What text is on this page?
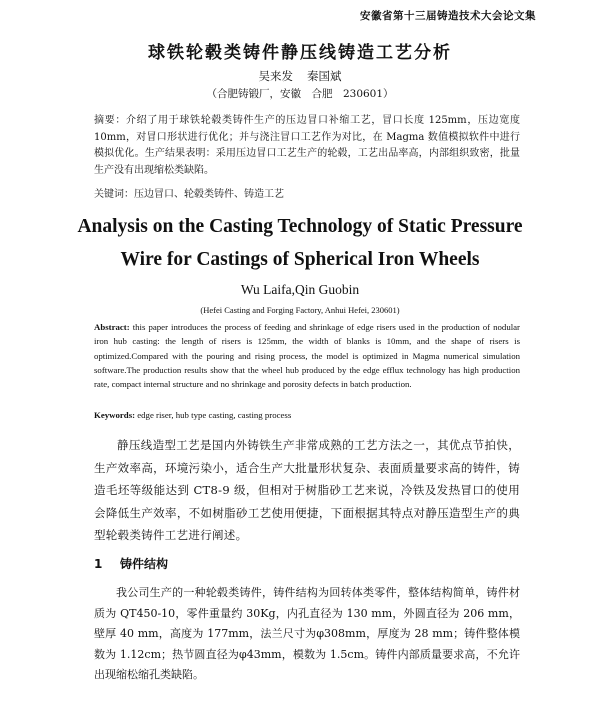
安徽省第十三届铸造技术大会论文集
球铁轮毂类铸件静压线铸造工艺分析
吴来发 秦国斌
（合肥铸锻厂，安徽　合肥　230601）
摘要：介绍了用于球铁轮毂类铸件生产的压边冒口补缩工艺，冒口长度 125mm，压边宽度 10mm，对冒口形状进行优化；并与浇注冒口工艺作为对比，在 Magma 数值模拟软件中进行模拟优化。生产结果表明：采用压边冒口工艺生产的轮毂，工艺出品率高，内部组织致密，批量生产没有出现缩松类缺陷。
关键词：压边冒口、轮毂类铸件、铸造工艺
Analysis on the Casting Technology of Static Pressure
Wire for Castings of Spherical Iron Wheels
Wu Laifa,Qin Guobin
(Hefei Casting and Forging Factory, Anhui Hefei, 230601)
Abstract: this paper introduces the process of feeding and shrinkage of edge risers used in the production of nodular iron hub casting: the length of risers is 125mm, the width of blanks is 10mm, and the shape of risers is optimized.Compared with the pouring and rising process, the model is optimized in Magma numerical simulation software.The production results show that the wheel hub produced by the edge efflux technology has high production rate, compact internal structure and no shrinkage and porosity defects in batch production.
Keywords: edge riser, hub type casting, casting process
静压线造型工艺是国内外铸铁生产非常成熟的工艺方法之一，其优点节拍快，生产效率高，环境污染小，适合生产大批量形状复杂、表面质量要求高的铸件，铸造毛坯等级能达到 CT8-9 级，但相对于树脂砂工艺来说，冷铁及发热冒口的使用会降低生产效率，不如树脂砂工艺使用便捷，下面根据其特点对静压造型生产的典型轮毂类铸件工艺进行阐述。
1 铸件结构
我公司生产的一种轮毂类铸件，铸件结构为回转体类零件，整体结构简单，铸件材质为 QT450-10，零件重量约 30Kg，内孔直径为 130 mm，外圆直径为 206 mm，壁厚 40 mm，高度为 177mm，法兰尺寸为φ308mm，厚度为 28 mm；铸件整体模数为 1.12cm；热节圆直径为φ43mm，模数为 1.5cm。铸件内部质量要求高，不允许出现缩松缩孔类缺陷。
